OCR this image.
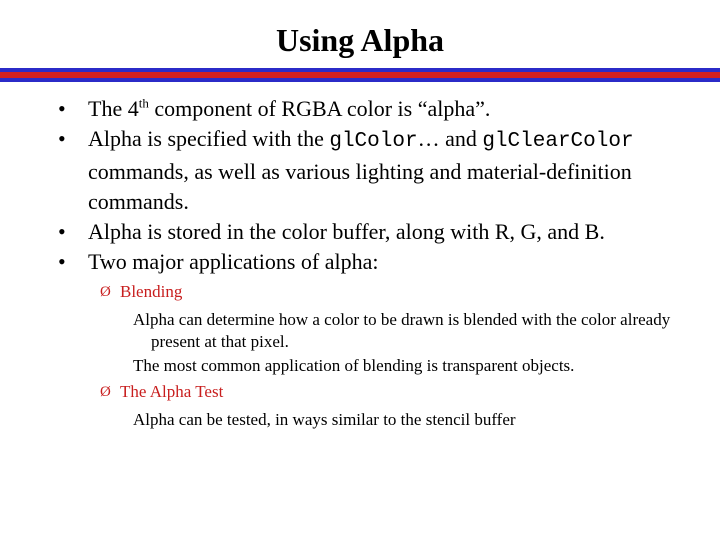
Using Alpha
• The 4th component of RGBA color is “alpha”.
• Alpha is specified with the glColor… and glClearColor commands, as well as various lighting and material-definition commands.
• Alpha is stored in the color buffer, along with R, G, and B.
• Two major applications of alpha:
Ø Blending
Alpha can determine how a color to be drawn is blended with the color already present at that pixel.
The most common application of blending is transparent objects.
Ø The Alpha Test
Alpha can be tested, in ways similar to the stencil buffer
